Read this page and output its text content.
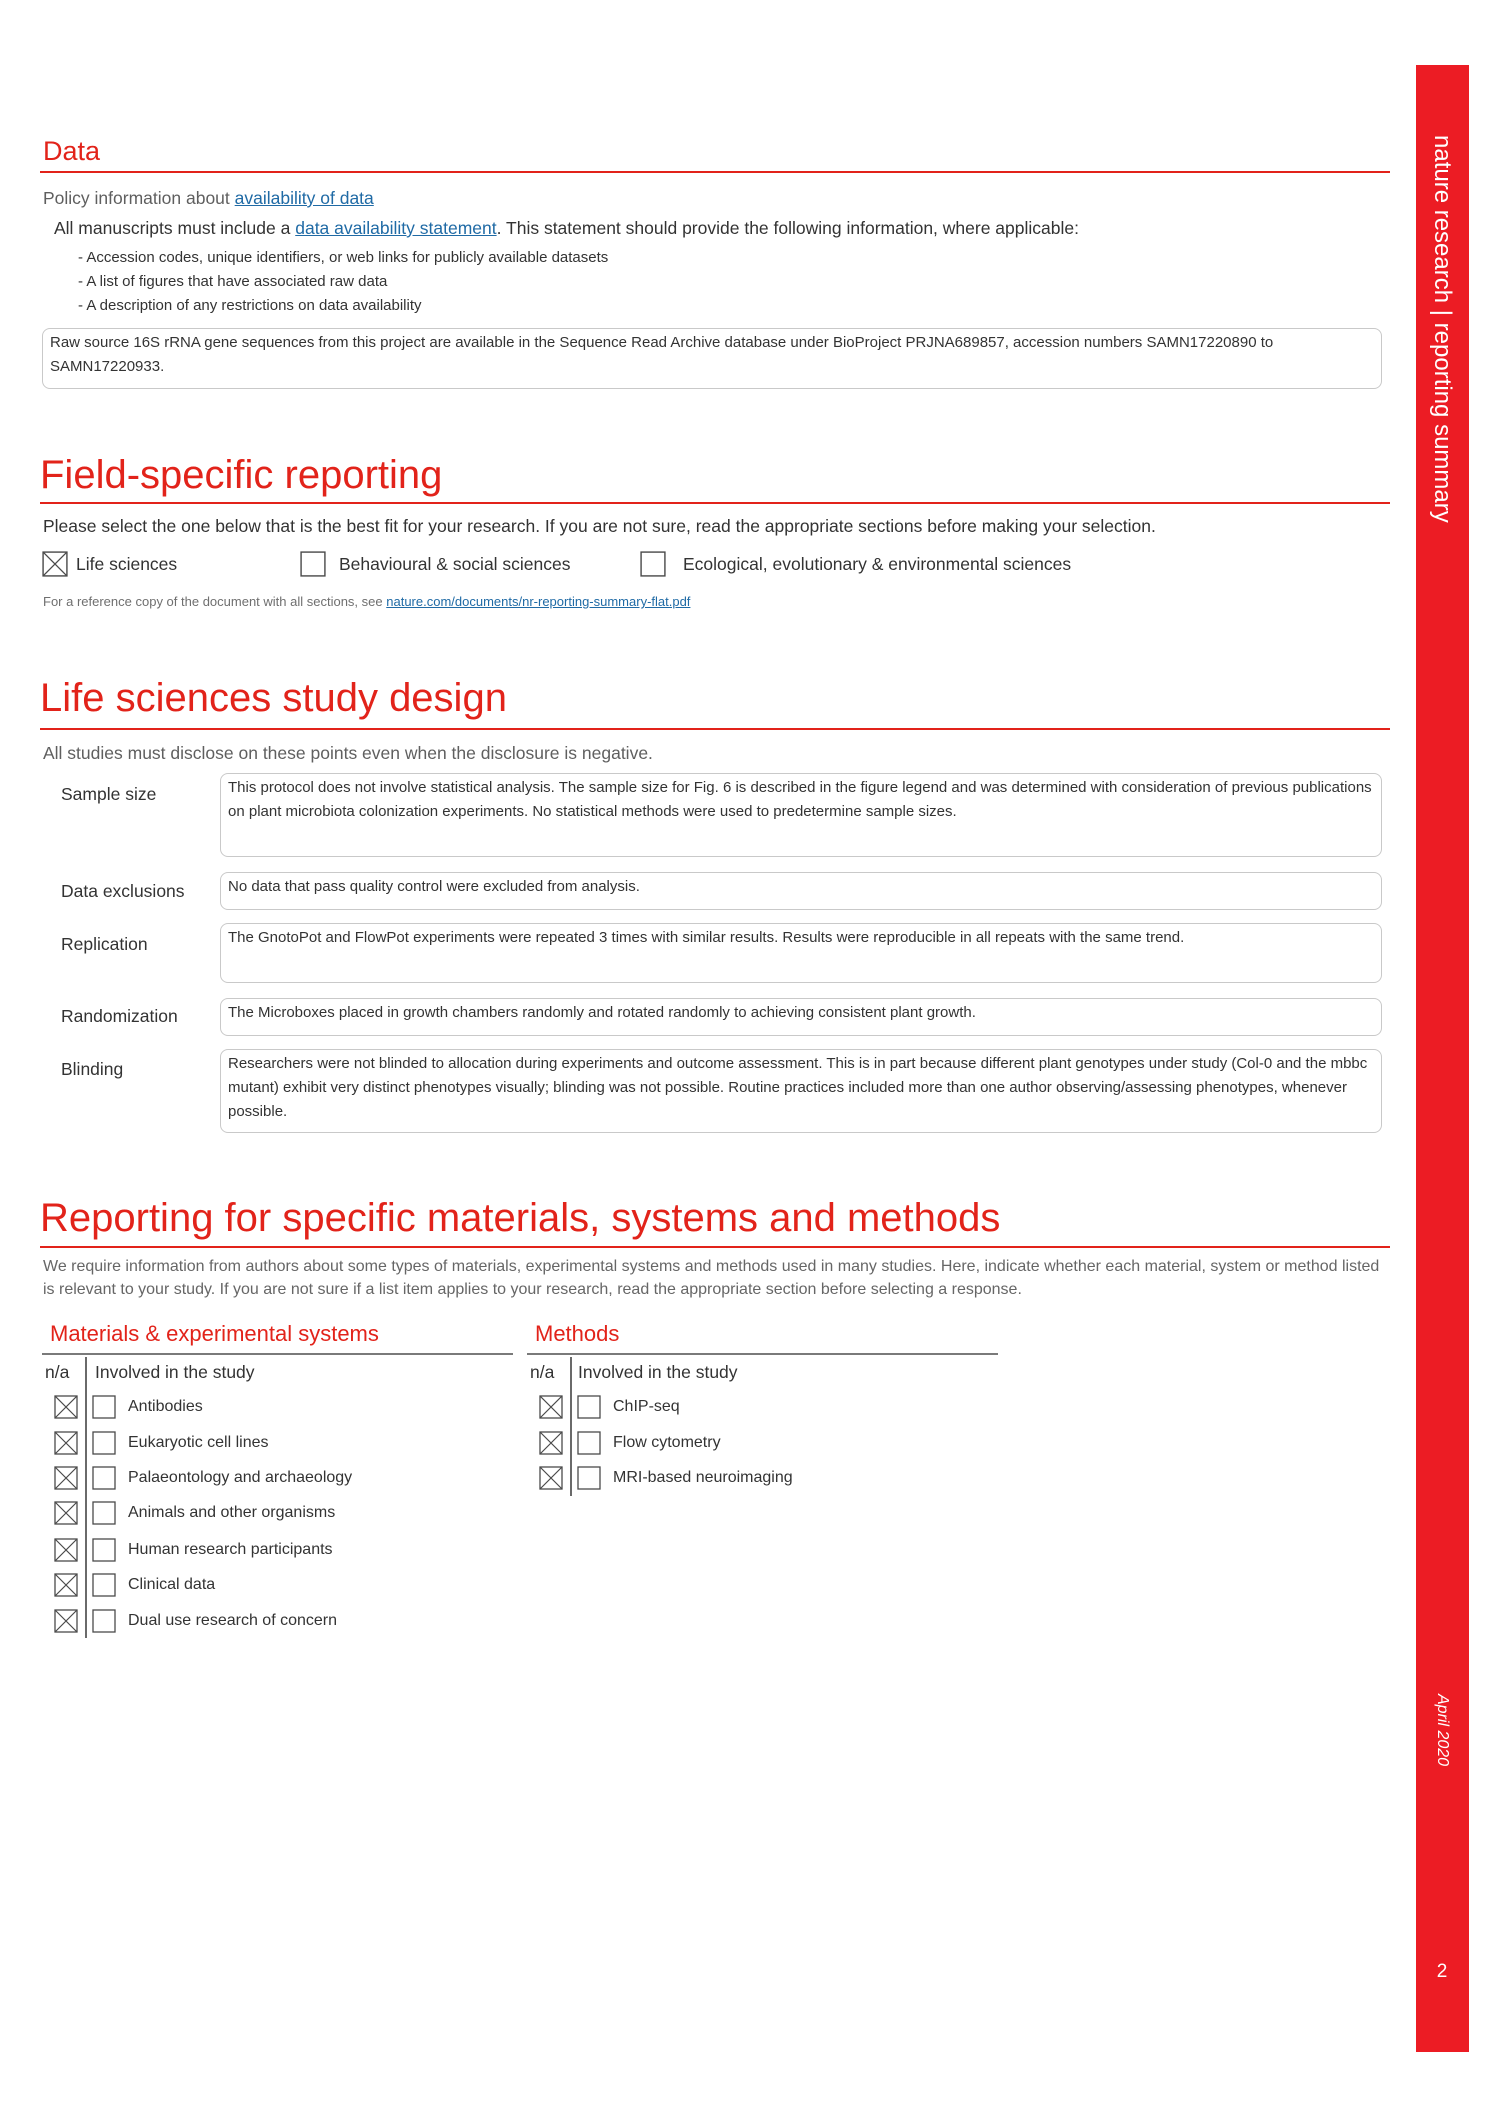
Data
Policy information about availability of data
All manuscripts must include a data availability statement. This statement should provide the following information, where applicable:
- Accession codes, unique identifiers, or web links for publicly available datasets
- A list of figures that have associated raw data
- A description of any restrictions on data availability
Raw source 16S rRNA gene sequences from this project are available in the Sequence Read Archive database under BioProject PRJNA689857, accession numbers SAMN17220890 to SAMN17220933.
Field-specific reporting
Please select the one below that is the best fit for your research. If you are not sure, read the appropriate sections before making your selection.
Life sciences	Behavioural & social sciences	Ecological, evolutionary & environmental sciences
For a reference copy of the document with all sections, see nature.com/documents/nr-reporting-summary-flat.pdf
Life sciences study design
All studies must disclose on these points even when the disclosure is negative.
Sample size	This protocol does not involve statistical analysis. The sample size for Fig. 6 is described in the figure legend and was determined with consideration of previous publications on plant microbiota colonization experiments. No statistical methods were used to predetermine sample sizes.
Data exclusions	No data that pass quality control were excluded from analysis.
Replication	The GnotoPot and FlowPot experiments were repeated 3 times with similar results. Results were reproducible in all repeats with the same trend.
Randomization	The Microboxes placed in growth chambers randomly and rotated randomly to achieving consistent plant growth.
Blinding	Researchers were not blinded to allocation during experiments and outcome assessment. This is in part because different plant genotypes under study (Col-0 and the mbbc mutant) exhibit very distinct phenotypes visually; blinding was not possible. Routine practices included more than one author observing/assessing phenotypes, whenever possible.
Reporting for specific materials, systems and methods
We require information from authors about some types of materials, experimental systems and methods used in many studies. Here, indicate whether each material, system or method listed is relevant to your study. If you are not sure if a list item applies to your research, read the appropriate section before selecting a response.
Materials & experimental systems
n/a Involved in the study
Antibodies
Eukaryotic cell lines
Palaeontology and archaeology
Animals and other organisms
Human research participants
Clinical data
Dual use research of concern
Methods
n/a Involved in the study
ChIP-seq
Flow cytometry
MRI-based neuroimaging
nature research | reporting summary
April 2020
2
